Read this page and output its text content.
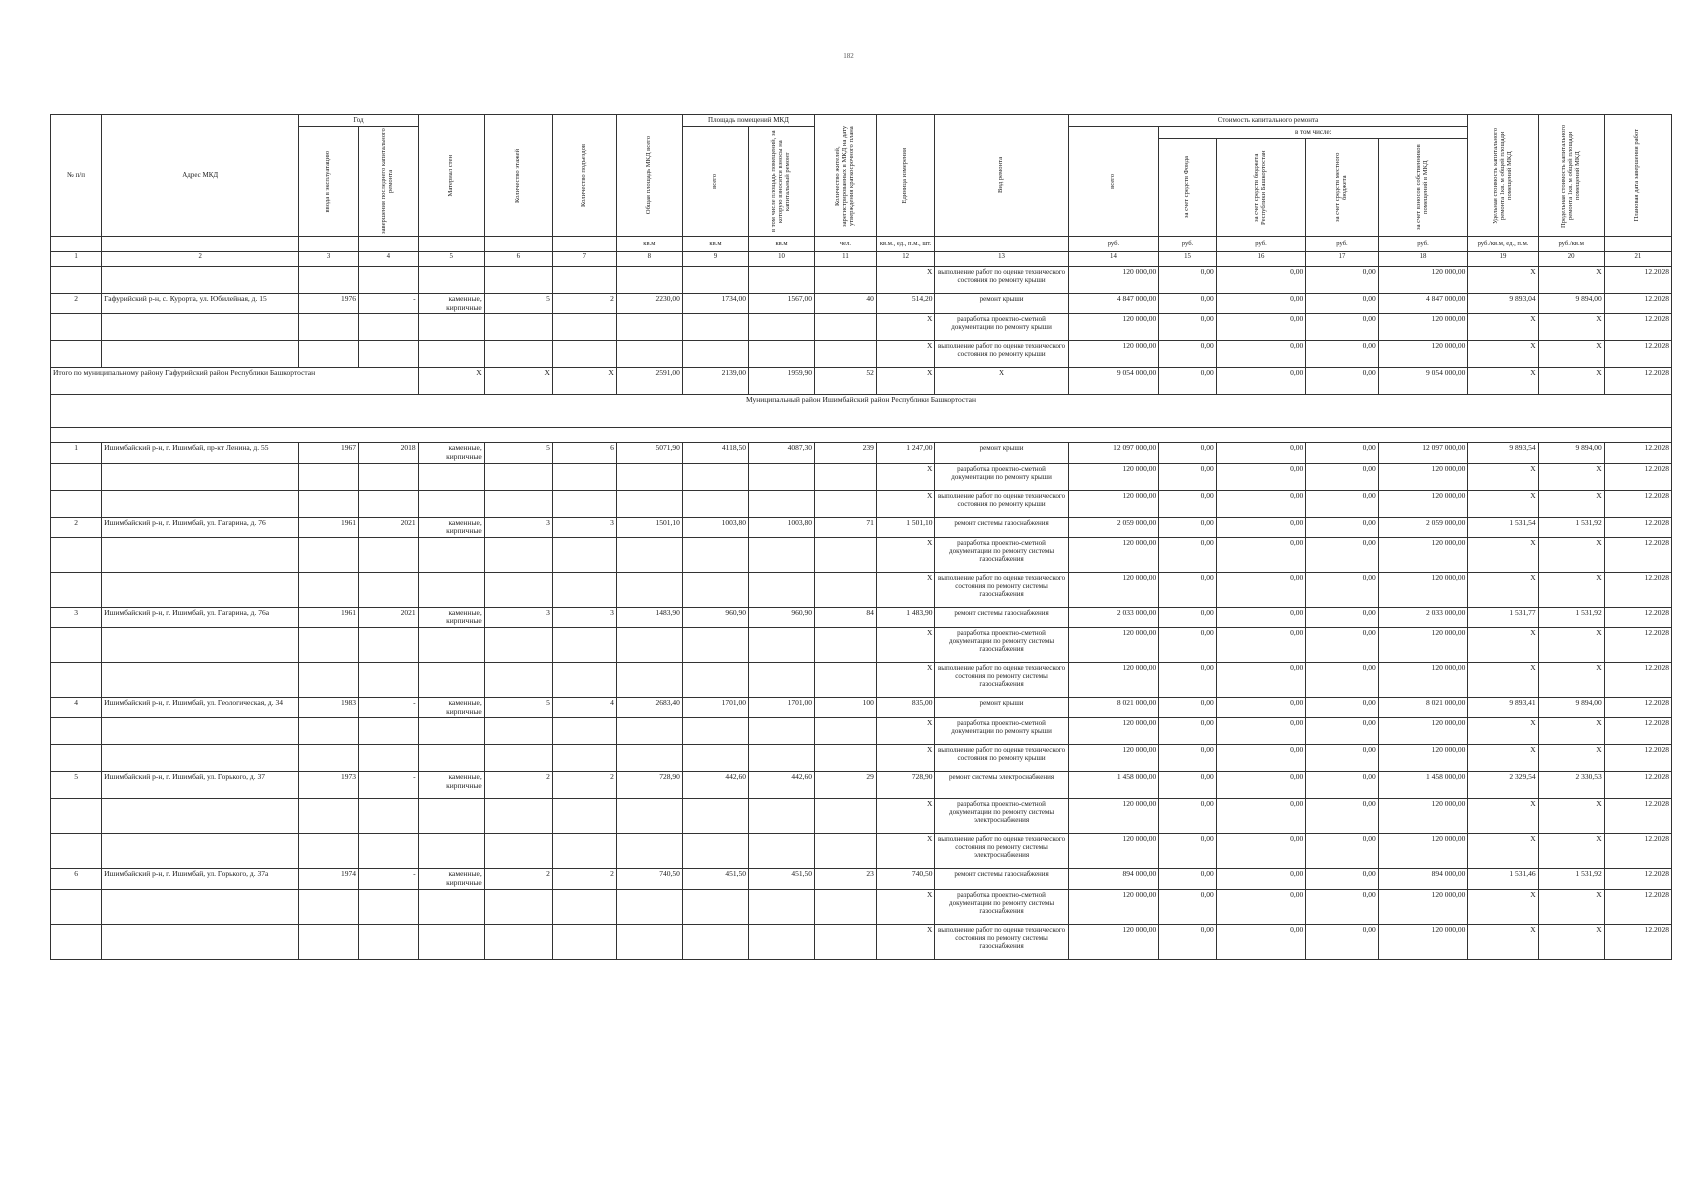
182
№ п/п	Адрес МКД	Год		Материал стен	Количество этажей	Количество подъездов	Общая площадь МКД всего	Площадь помещений МКД		Количество жителей, зарегистрированных в МКД на дату утверждения краткосрочного плана	Единица измерения	Вид ремонта	Стоимость капитального ремонта					Удельная стоимость капитального ремонта 1кв. м общей площади помещений МКД	Предельная стоимость капитального ремонта 1кв. м общей площади помещений МКД	Плановая дата завершения работ

		ввода в эксплуатацию	завершения последнего капитального ремонта					всего	в том числе площадь помещений, за которую взносятся взносы на капитальный ремонт				всего	в том числе:						

														за счет средств Фонда	за счет средств бюджета Республики Башкортостан	за счет средств местного бюджета	за счет взносов собственников помещений в МКД			

							кв.м	кв.м	кв.м	чел.	кв.м., ед., п.м., шт.		руб.	руб.	руб.	руб.	руб.	руб./кв.м, ед., п.м.	руб./кв.м	
1	2	3	4	5	6	7	8	9	10	11	12	13	14	15	16	17	18	19	20	21
											X	выполнение работ по оценке технического состояния по ремонту крыши	120 000,00	0,00	0,00	0,00	120 000,00	X	X	12.2028
2	Гафурийский р-н, с. Курорта, ул. Юбилейная, д. 15	1976	-	каменные, кирпичные	5	2	2230,00	1734,00	1567,00	40	514,20	ремонт крыши	4 847 000,00	0,00	0,00	0,00	4 847 000,00	9 893,04	9 894,00	12.2028
											X	разработка проектно-сметной документации по ремонту крыши	120 000,00	0,00	0,00	0,00	120 000,00	X	X	12.2028
											X	выполнение работ по оценке технического состояния по ремонту крыши	120 000,00	0,00	0,00	0,00	120 000,00	X	X	12.2028
Итого по муниципальному району Гафурийский район Республики Башкортостан				X	X	X	2591,00	2139,00	1959,90	52	X	X	9 054 000,00	0,00	0,00	0,00	9 054 000,00	X	X	12.2028
Муниципальный район Ишимбайский район Республики Башкортостан																				

1	Ишимбайский р-н, г. Ишимбай, пр-кт Ленина, д. 55	1967	2018	каменные, кирпичные	5	6	5071,90	4118,50	4087,30	239	1 247,00	ремонт крыши	12 097 000,00	0,00	0,00	0,00	12 097 000,00	9 893,54	9 894,00	12.2028
											X	разработка проектно-сметной документации по ремонту крыши	120 000,00	0,00	0,00	0,00	120 000,00	X	X	12.2028
											X	выполнение работ по оценке технического состояния по ремонту крыши	120 000,00	0,00	0,00	0,00	120 000,00	X	X	12.2028
2	Ишимбайский р-н, г. Ишимбай, ул. Гагарина, д. 76	1961	2021	каменные, кирпичные	3	3	1501,10	1003,80	1003,80	71	1 501,10	ремонт системы газоснабжения	2 059 000,00	0,00	0,00	0,00	2 059 000,00	1 531,54	1 531,92	12.2028
											X	разработка проектно-сметной документации по ремонту системы газоснабжения	120 000,00	0,00	0,00	0,00	120 000,00	X	X	12.2028
											X	выполнение работ по оценке технического состояния по ремонту системы газоснабжения	120 000,00	0,00	0,00	0,00	120 000,00	X	X	12.2028
3	Ишимбайский р-н, г. Ишимбай, ул. Гагарина, д. 76а	1961	2021	каменные, кирпичные	3	3	1483,90	960,90	960,90	84	1 483,90	ремонт системы газоснабжения	2 033 000,00	0,00	0,00	0,00	2 033 000,00	1 531,77	1 531,92	12.2028
											X	разработка проектно-сметной документации по ремонту системы газоснабжения	120 000,00	0,00	0,00	0,00	120 000,00	X	X	12.2028
											X	выполнение работ по оценке технического состояния по ремонту системы газоснабжения	120 000,00	0,00	0,00	0,00	120 000,00	X	X	12.2028
4	Ишимбайский р-н, г. Ишимбай, ул. Геологическая, д. 34	1983	-	каменные, кирпичные	5	4	2683,40	1701,00	1701,00	100	835,00	ремонт крыши	8 021 000,00	0,00	0,00	0,00	8 021 000,00	9 893,41	9 894,00	12.2028
											X	разработка проектно-сметной документации по ремонту крыши	120 000,00	0,00	0,00	0,00	120 000,00	X	X	12.2028
											X	выполнение работ по оценке технического состояния по ремонту крыши	120 000,00	0,00	0,00	0,00	120 000,00	X	X	12.2028
5	Ишимбайский р-н, г. Ишимбай, ул. Горького, д. 37	1973	-	каменные, кирпичные	2	2	728,90	442,60	442,60	29	728,90	ремонт системы электроснабжения	1 458 000,00	0,00	0,00	0,00	1 458 000,00	2 329,54	2 330,53	12.2028
											X	разработка проектно-сметной документации по ремонту системы электроснабжения	120 000,00	0,00	0,00	0,00	120 000,00	X	X	12.2028
											X	выполнение работ по оценке технического состояния по ремонту системы электроснабжения	120 000,00	0,00	0,00	0,00	120 000,00	X	X	12.2028
6	Ишимбайский р-н, г. Ишимбай, ул. Горького, д. 37а	1974	-	каменные, кирпичные	2	2	740,50	451,50	451,50	23	740,50	ремонт системы газоснабжения	894 000,00	0,00	0,00	0,00	894 000,00	1 531,46	1 531,92	12.2028
											X	разработка проектно-сметной документации по ремонту системы газоснабжения	120 000,00	0,00	0,00	0,00	120 000,00	X	X	12.2028
											X	выполнение работ по оценке технического состояния по ремонту системы газоснабжения	120 000,00	0,00	0,00	0,00	120 000,00	X	X	12.2028
